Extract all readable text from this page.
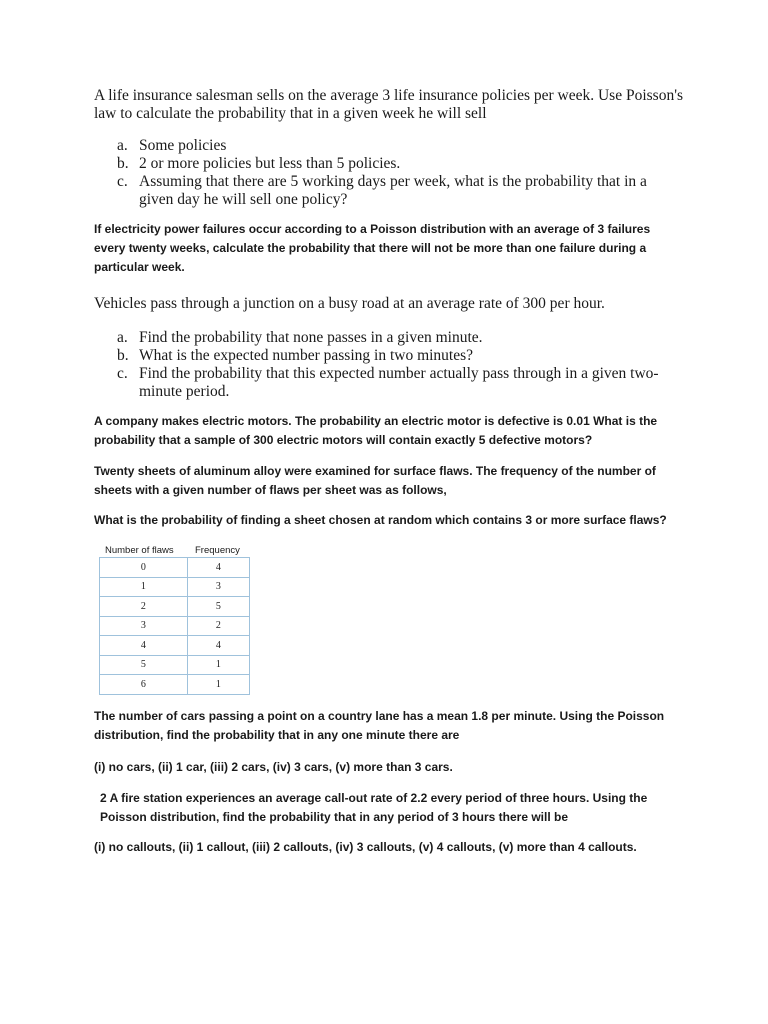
A life insurance salesman sells on the average 3 life insurance policies per week. Use Poisson's law to calculate the probability that in a given week he will sell

a. Some policies
b. 2 or more policies but less than 5 policies.
c. Assuming that there are 5 working days per week, what is the probability that in a given day he will sell one policy?

If electricity power failures occur according to a Poisson distribution with an average of 3 failures every twenty weeks, calculate the probability that there will not be more than one failure during a particular week.

Vehicles pass through a junction on a busy road at an average rate of 300 per hour.

a. Find the probability that none passes in a given minute.
b. What is the expected number passing in two minutes?
c. Find the probability that this expected number actually pass through in a given two-minute period.

A company makes electric motors. The probability an electric motor is defective is 0.01 What is the probability that a sample of 300 electric motors will contain exactly 5 defective motors?

Twenty sheets of aluminum alloy were examined for surface flaws. The frequency of the number of sheets with a given number of flaws per sheet was as follows,

What is the probability of finding a sheet chosen at random which contains 3 or more surface flaws?

Number of flaws	Frequency
0	4
1	3
2	5
3	2
4	4
5	1
6	1

The number of cars passing a point on a country lane has a mean 1.8 per minute. Using the Poisson distribution, find the probability that in any one minute there are

(i) no cars, (ii) 1 car, (iii) 2 cars, (iv) 3 cars, (v) more than 3 cars.

2 A fire station experiences an average call-out rate of 2.2 every period of three hours. Using the Poisson distribution, find the probability that in any period of 3 hours there will be

(i) no callouts, (ii) 1 callout, (iii) 2 callouts, (iv) 3 callouts, (v) 4 callouts, (v) more than 4 callouts.
